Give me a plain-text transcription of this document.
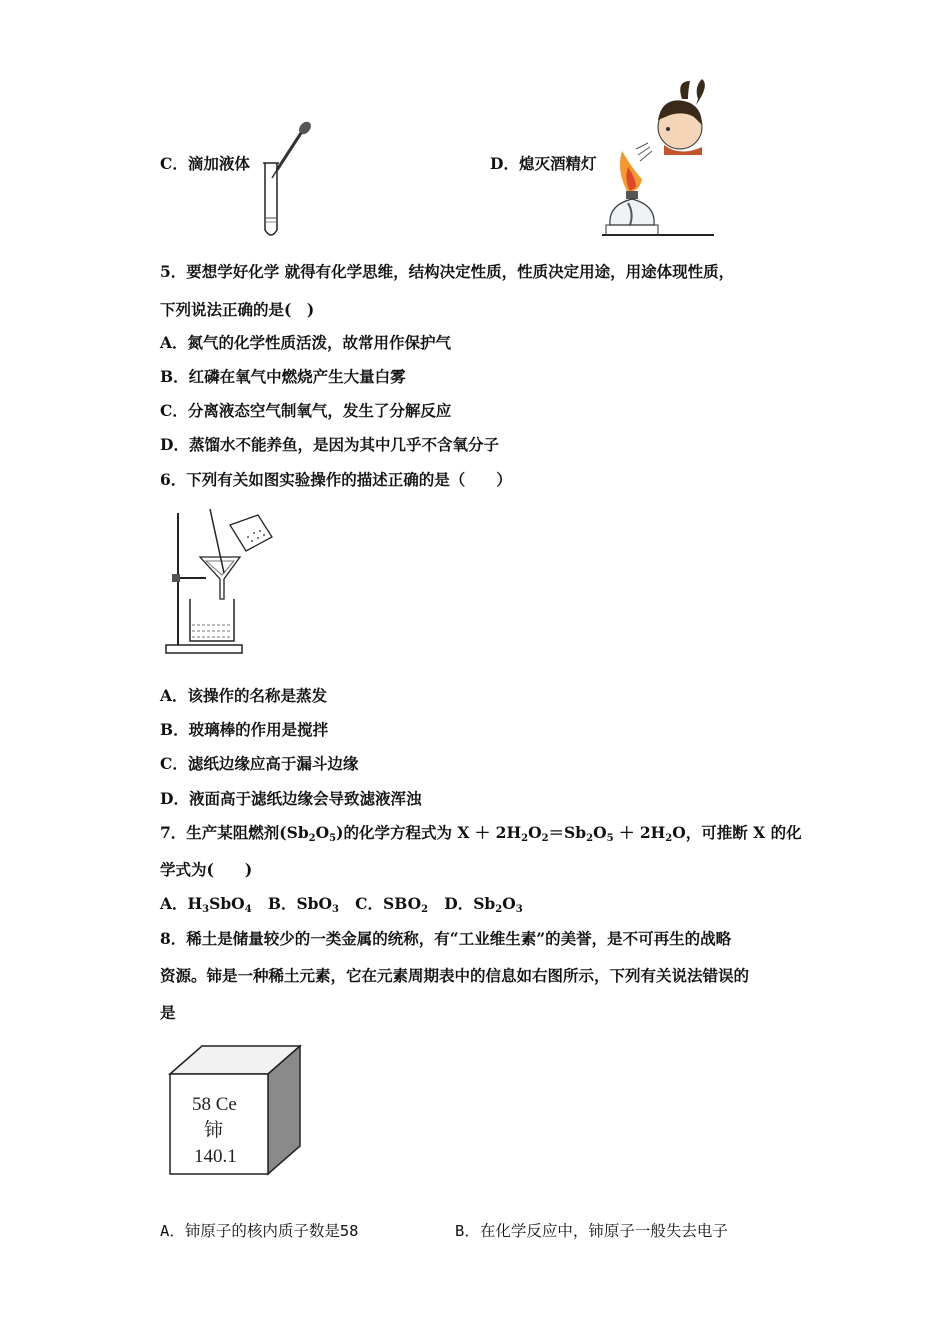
C．滴加液体	D．熄灭酒精灯
5．要想学好化学 就得有化学思维，结构决定性质，性质决定用途，用途体现性质，
下列说法正确的是(　)
A．氮气的化学性质活泼，故常用作保护气
B．红磷在氧气中燃烧产生大量白雾
C．分离液态空气制氧气，发生了分解反应
D．蒸馏水不能养鱼，是因为其中几乎不含氧分子
6．下列有关如图实验操作的描述正确的是（　　）
A．该操作的名称是蒸发
B．玻璃棒的作用是搅拌
C．滤纸边缘应高于漏斗边缘
D．液面高于滤纸边缘会导致滤液浑浊
7．生产某阻燃剂$(Sb_2O_5)$的化学方程式为 $X + 2H_2O_2=Sb_2O_5 + 2H_2O$，可推断 X 的化
学式为(　　)
A．$H_3SbO_4$ B．SbO$_3$ C．$SBO_2$ D．$Sb_2O_3$
8．稀土是储量较少的一类金属的统称，有“工业维生素”的美誉，是不可再生的战略
资源。铈是一种稀土元素，它在元素周期表中的信息如右图所示，下列有关说法错误的
是
58 Ce
铈
140.1
A．铈原子的核内质子数是58	B．在化学反应中，铈原子一般失去电子
